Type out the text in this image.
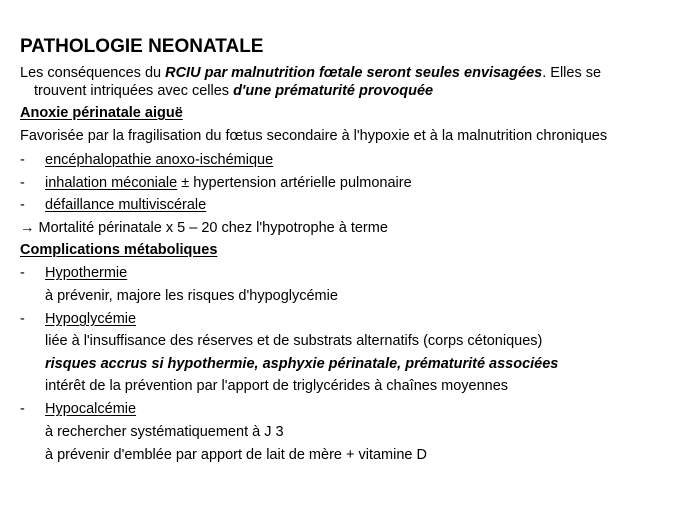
PATHOLOGIE NEONATALE
Les conséquences du RCIU par malnutrition fœtale seront seules envisagées. Elles se
trouvent intriquées avec celles d'une prématurité provoquée
Anoxie périnatale aiguë
Favorisée par la fragilisation du fœtus secondaire à l'hypoxie et à la malnutrition chroniques
- encéphalopathie anoxo-ischémique
- inhalation méconiale ± hypertension artérielle pulmonaire
- défaillance multiviscérale
→ Mortalité périnatale x 5 – 20 chez l'hypotrophe à terme
Complications métaboliques
- Hypothermie
à prévenir, majore les risques d'hypoglycémie
- Hypoglycémie
liée à l'insuffisance des réserves et de substrats alternatifs (corps cétoniques)
risques accrus si hypothermie, asphyxie périnatale, prématurité associées
intérêt de la prévention par l'apport de triglycérides à chaînes moyennes
- Hypocalcémie
à rechercher systématiquement à J 3
à prévenir d'emblée par apport de lait de mère + vitamine D
